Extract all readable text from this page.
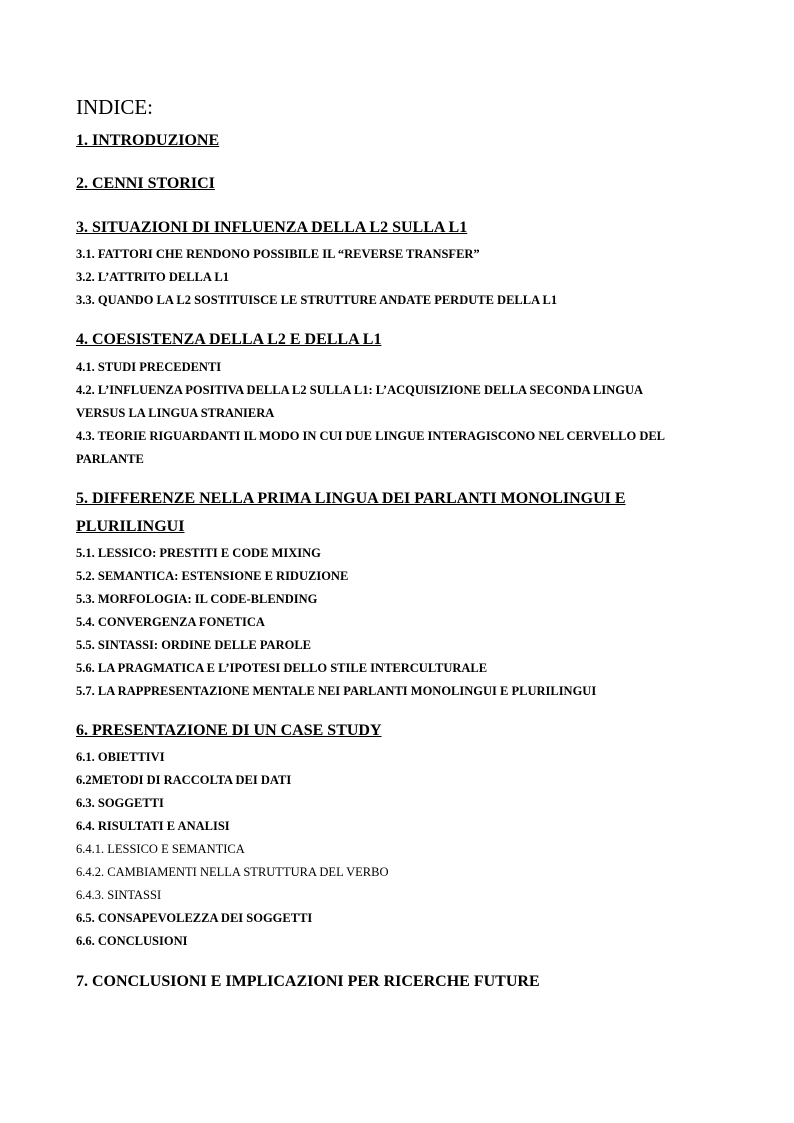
INDICE:
1. INTRODUZIONE
2. CENNI STORICI
3. SITUAZIONI DI INFLUENZA DELLA L2 SULLA L1
3.1. FATTORI CHE RENDONO POSSIBILE IL “REVERSE TRANSFER”
3.2. L’ATTRITO DELLA L1
3.3. QUANDO LA L2 SOSTITUISCE LE STRUTTURE ANDATE PERDUTE DELLA L1
4. COESISTENZA DELLA L2 E DELLA L1
4.1. STUDI PRECEDENTI
4.2. L’INFLUENZA POSITIVA DELLA L2 SULLA L1: L’ACQUISIZIONE DELLA SECONDA LINGUA
VERSUS LA LINGUA STRANIERA
4.3. TEORIE RIGUARDANTI IL MODO IN CUI DUE LINGUE INTERAGISCONO NEL CERVELLO DEL
PARLANTE
5. DIFFERENZE NELLA PRIMA LINGUA DEI PARLANTI MONOLINGUI E
PLURILINGUI
5.1. LESSICO: PRESTITI E CODE MIXING
5.2. SEMANTICA: ESTENSIONE E RIDUZIONE
5.3. MORFOLOGIA: IL CODE-BLENDING
5.4. CONVERGENZA FONETICA
5.5. SINTASSI: ORDINE DELLE PAROLE
5.6. LA PRAGMATICA E L’IPOTESI DELLO STILE INTERCULTURALE
5.7. LA RAPPRESENTAZIONE MENTALE NEI PARLANTI MONOLINGUI E PLURILINGUI
6. PRESENTAZIONE DI UN CASE STUDY
6.1. OBIETTIVI
6.2METODI DI RACCOLTA DEI DATI
6.3. SOGGETTI
6.4. RISULTATI E ANALISI
6.4.1. LESSICO E SEMANTICA
6.4.2. CAMBIAMENTI NELLA STRUTTURA DEL VERBO
6.4.3. SINTASSI
6.5. CONSAPEVOLEZZA DEI SOGGETTI
6.6. CONCLUSIONI
7. CONCLUSIONI E IMPLICAZIONI PER RICERCHE FUTURE
